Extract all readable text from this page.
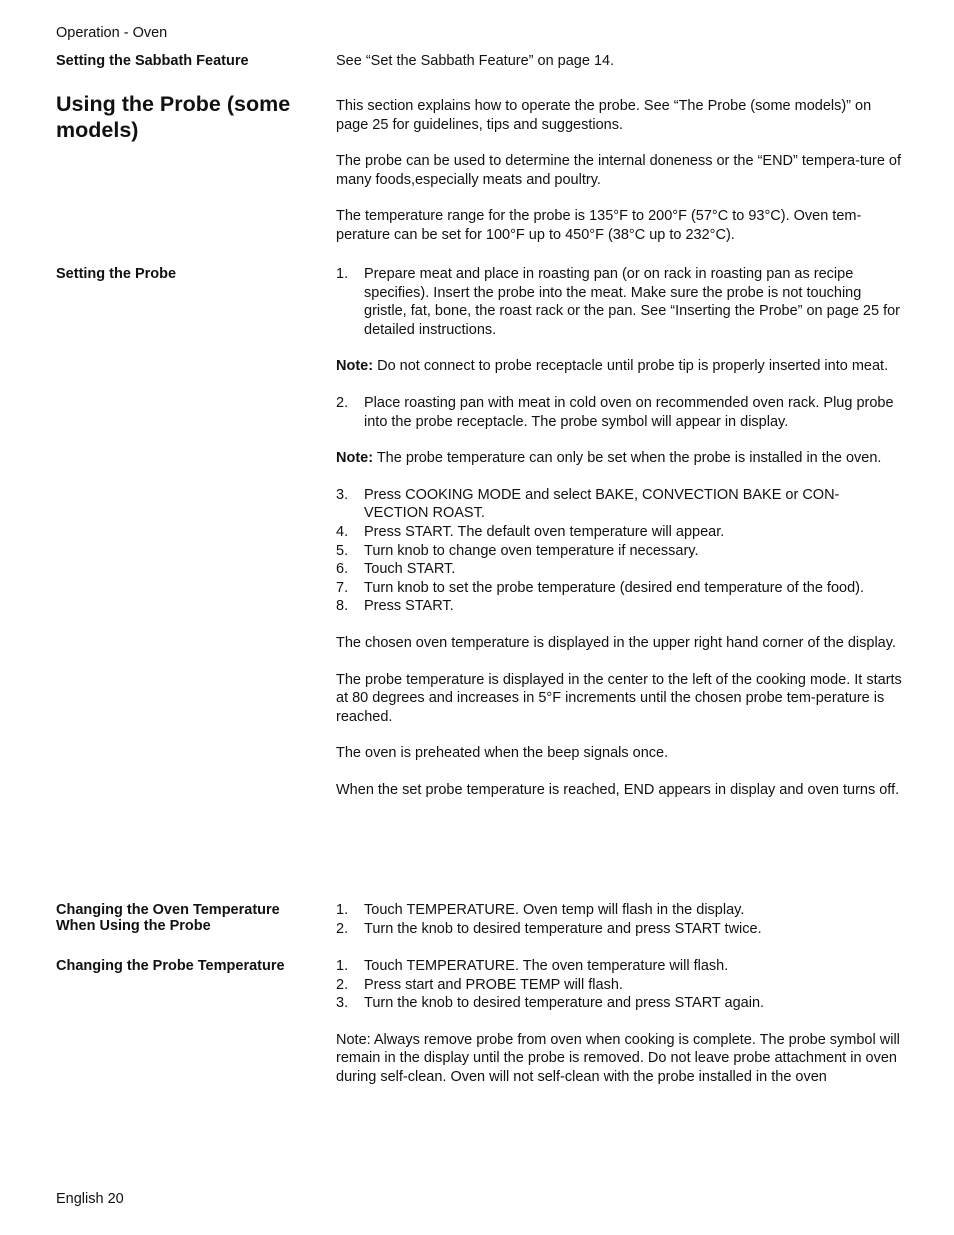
Operation - Oven
Setting the Sabbath Feature	See “Set the Sabbath Feature” on page 14.
Using the Probe (some models)

This section explains how to operate the probe. See “The Probe (some models)” on page 25 for guidelines, tips and suggestions.

The probe can be used to determine the internal doneness or the “END” tempera-ture of many foods,especially meats and poultry.

The temperature range for the probe is 135°F to 200°F (57°C to 93°C). Oven tem-perature can be set for 100°F up to 450°F (38°C up to 232°C).

Setting the Probe	1. Prepare meat and place in roasting pan (or on rack in roasting pan as recipe specifies). Insert the probe into the meat. Make sure the probe is not touching gristle, fat, bone, the roast rack or the pan. See “Inserting the Probe” on page 25 for detailed instructions.

Note: Do not connect to probe receptacle until probe tip is properly inserted into meat.

2. Place roasting pan with meat in cold oven on recommended oven rack. Plug probe into the probe receptacle. The probe symbol will appear in display.

Note: The probe temperature can only be set when the probe is installed in the oven.

3. Press COOKING MODE and select BAKE, CONVECTION BAKE or CON-VECTION ROAST.
4. Press START. The default oven temperature will appear.
5. Turn knob to change oven temperature if necessary.
6. Touch START.
7. Turn knob to set the probe temperature (desired end temperature of the food).
8. Press START.

The chosen oven temperature is displayed in the upper right hand corner of the display.

The probe temperature is displayed in the center to the left of the cooking mode. It starts at 80 degrees and increases in 5°F increments until the chosen probe tem-perature is reached.

The oven is preheated when the beep signals once.

When the set probe temperature is reached, END appears in display and oven turns off.

Changing the Oven Temperature When Using the Probe
1. Touch TEMPERATURE. Oven temp will flash in the display.
2. Turn the knob to desired temperature and press START twice.
Changing the Probe Temperature	1. Touch TEMPERATURE. The oven temperature will flash.
2. Press start and PROBE TEMP will flash.
3. Turn the knob to desired temperature and press START again.

Note: Always remove probe from oven when cooking is complete. The probe symbol will remain in the display until the probe is removed. Do not leave probe attachment in oven during self-clean. Oven will not self-clean with the probe installed in the oven

English 20
